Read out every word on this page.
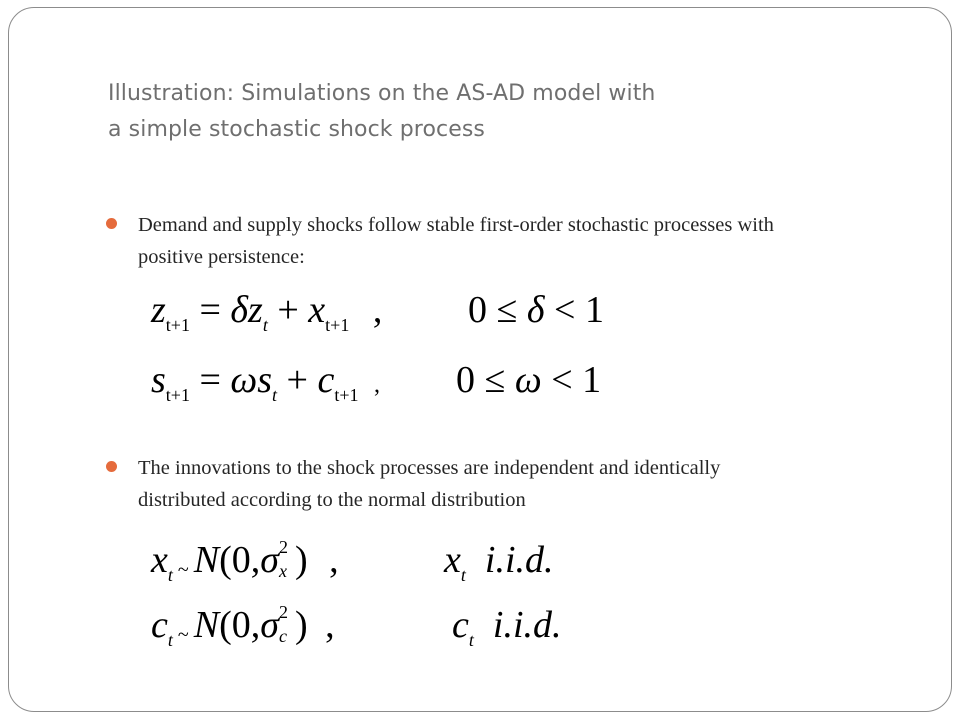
Illustration: Simulations on the AS-AD model with
a simple stochastic shock process
Demand and supply shocks follow stable first-order stochastic processes with
positive persistence:
$z_{t+1} = \delta z_t + x_{t+1}$ , 0 ≤ δ < 1
$s_{t+1} = \omega s_t + c_{t+1}$ , 0 ≤ ω < 1
The innovations to the shock processes are independent and identically
distributed according to the normal distribution
$x_t$ ~ N(0,σ 2
x ) ,	$x_t$ i.i.d.
$c_t$ ~ N(0,σ 2
c ) ,	$c_t$ i.i.d.
